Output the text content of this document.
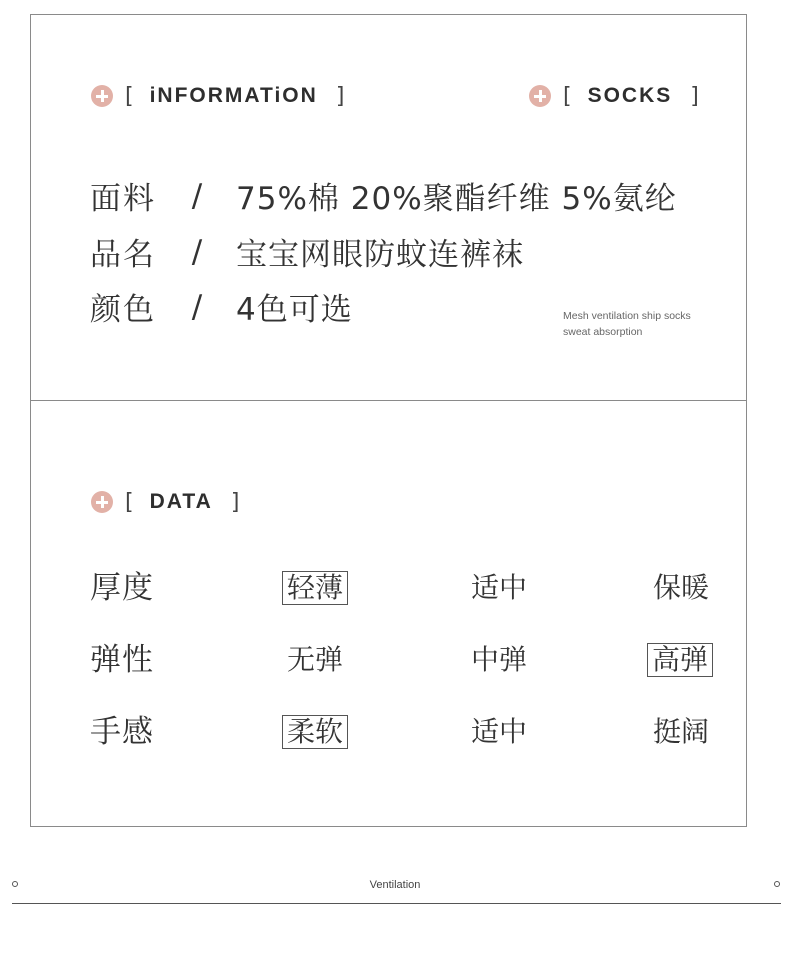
[ iNFORMATiON ]	[ SOCKS ]
面料	/	75%棉 20%聚酯纤维 5%氨纶
品名	/	宝宝网眼防蚊连裤袜
颜色	/	4色可选	Mesh ventilation ship socks
sweat absorption
[ DATA ]
厚度	轻薄	适中	保暖
弹性	无弹	中弹	高弹
手感	柔软	适中	挺阔
Ventilation
